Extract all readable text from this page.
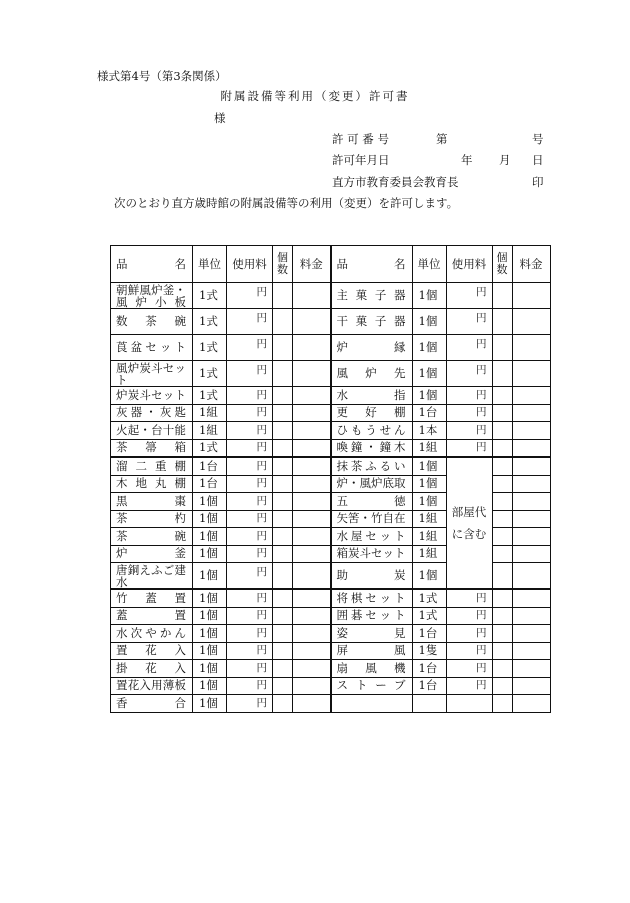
様式第4号（第3条関係）
附属設備等利用（変更）許可書
様
許 可 番 号	第	号
許可年月日	年 月 日
直方市教育委員会教育長	印
次のとおり直方歳時館の附属設備等の利用（変更）を許可します。
品　　　名	単位	使用料	個数	料金	品　　　名	単位	使用料	個数	料金
朝鮮風炉釜・風炉小板	1式	円			主菓子器	1個	円		
数茶碗	1式	円			干菓子器	1個	円		
莨盆セット	1式	円			炉縁	1個	円		
風炉炭斗セット	1式	円			風炉先	1個	円		
炉炭斗セット	1式	円			水指	1個	円		
灰器・灰匙	1組	円			更好棚	1台	円		
火起・台十能	1組	円			ひもうせん	1本	円		
茶箒箱	1式	円			喚鐘・鐘木	1組	円		
溜二重棚	1台	円			抹茶ふるい	1個	部屋代に含む		
木地丸棚	1台	円			炉・風炉底取	1個			
黒棗	1個	円			五徳	1個			
茶杓	1個	円			矢筈・竹自在	1組			
茶碗	1個	円			水屋セット	1組			
炉釜	1個	円			箱炭斗セット	1組			
唐銅えふご建水	1個	円			助炭	1個			
竹蓋置	1個	円			将棋セット	1式	円		
蓋置	1個	円			囲碁セット	1式	円		
水次やかん	1個	円			姿見	1台	円		
置花入	1個	円			屏風	1隻	円		
掛花入	1個	円			扇風機	1台	円		
置花入用薄板	1個	円			ストーブ	1台	円		
香合	1個	円							
